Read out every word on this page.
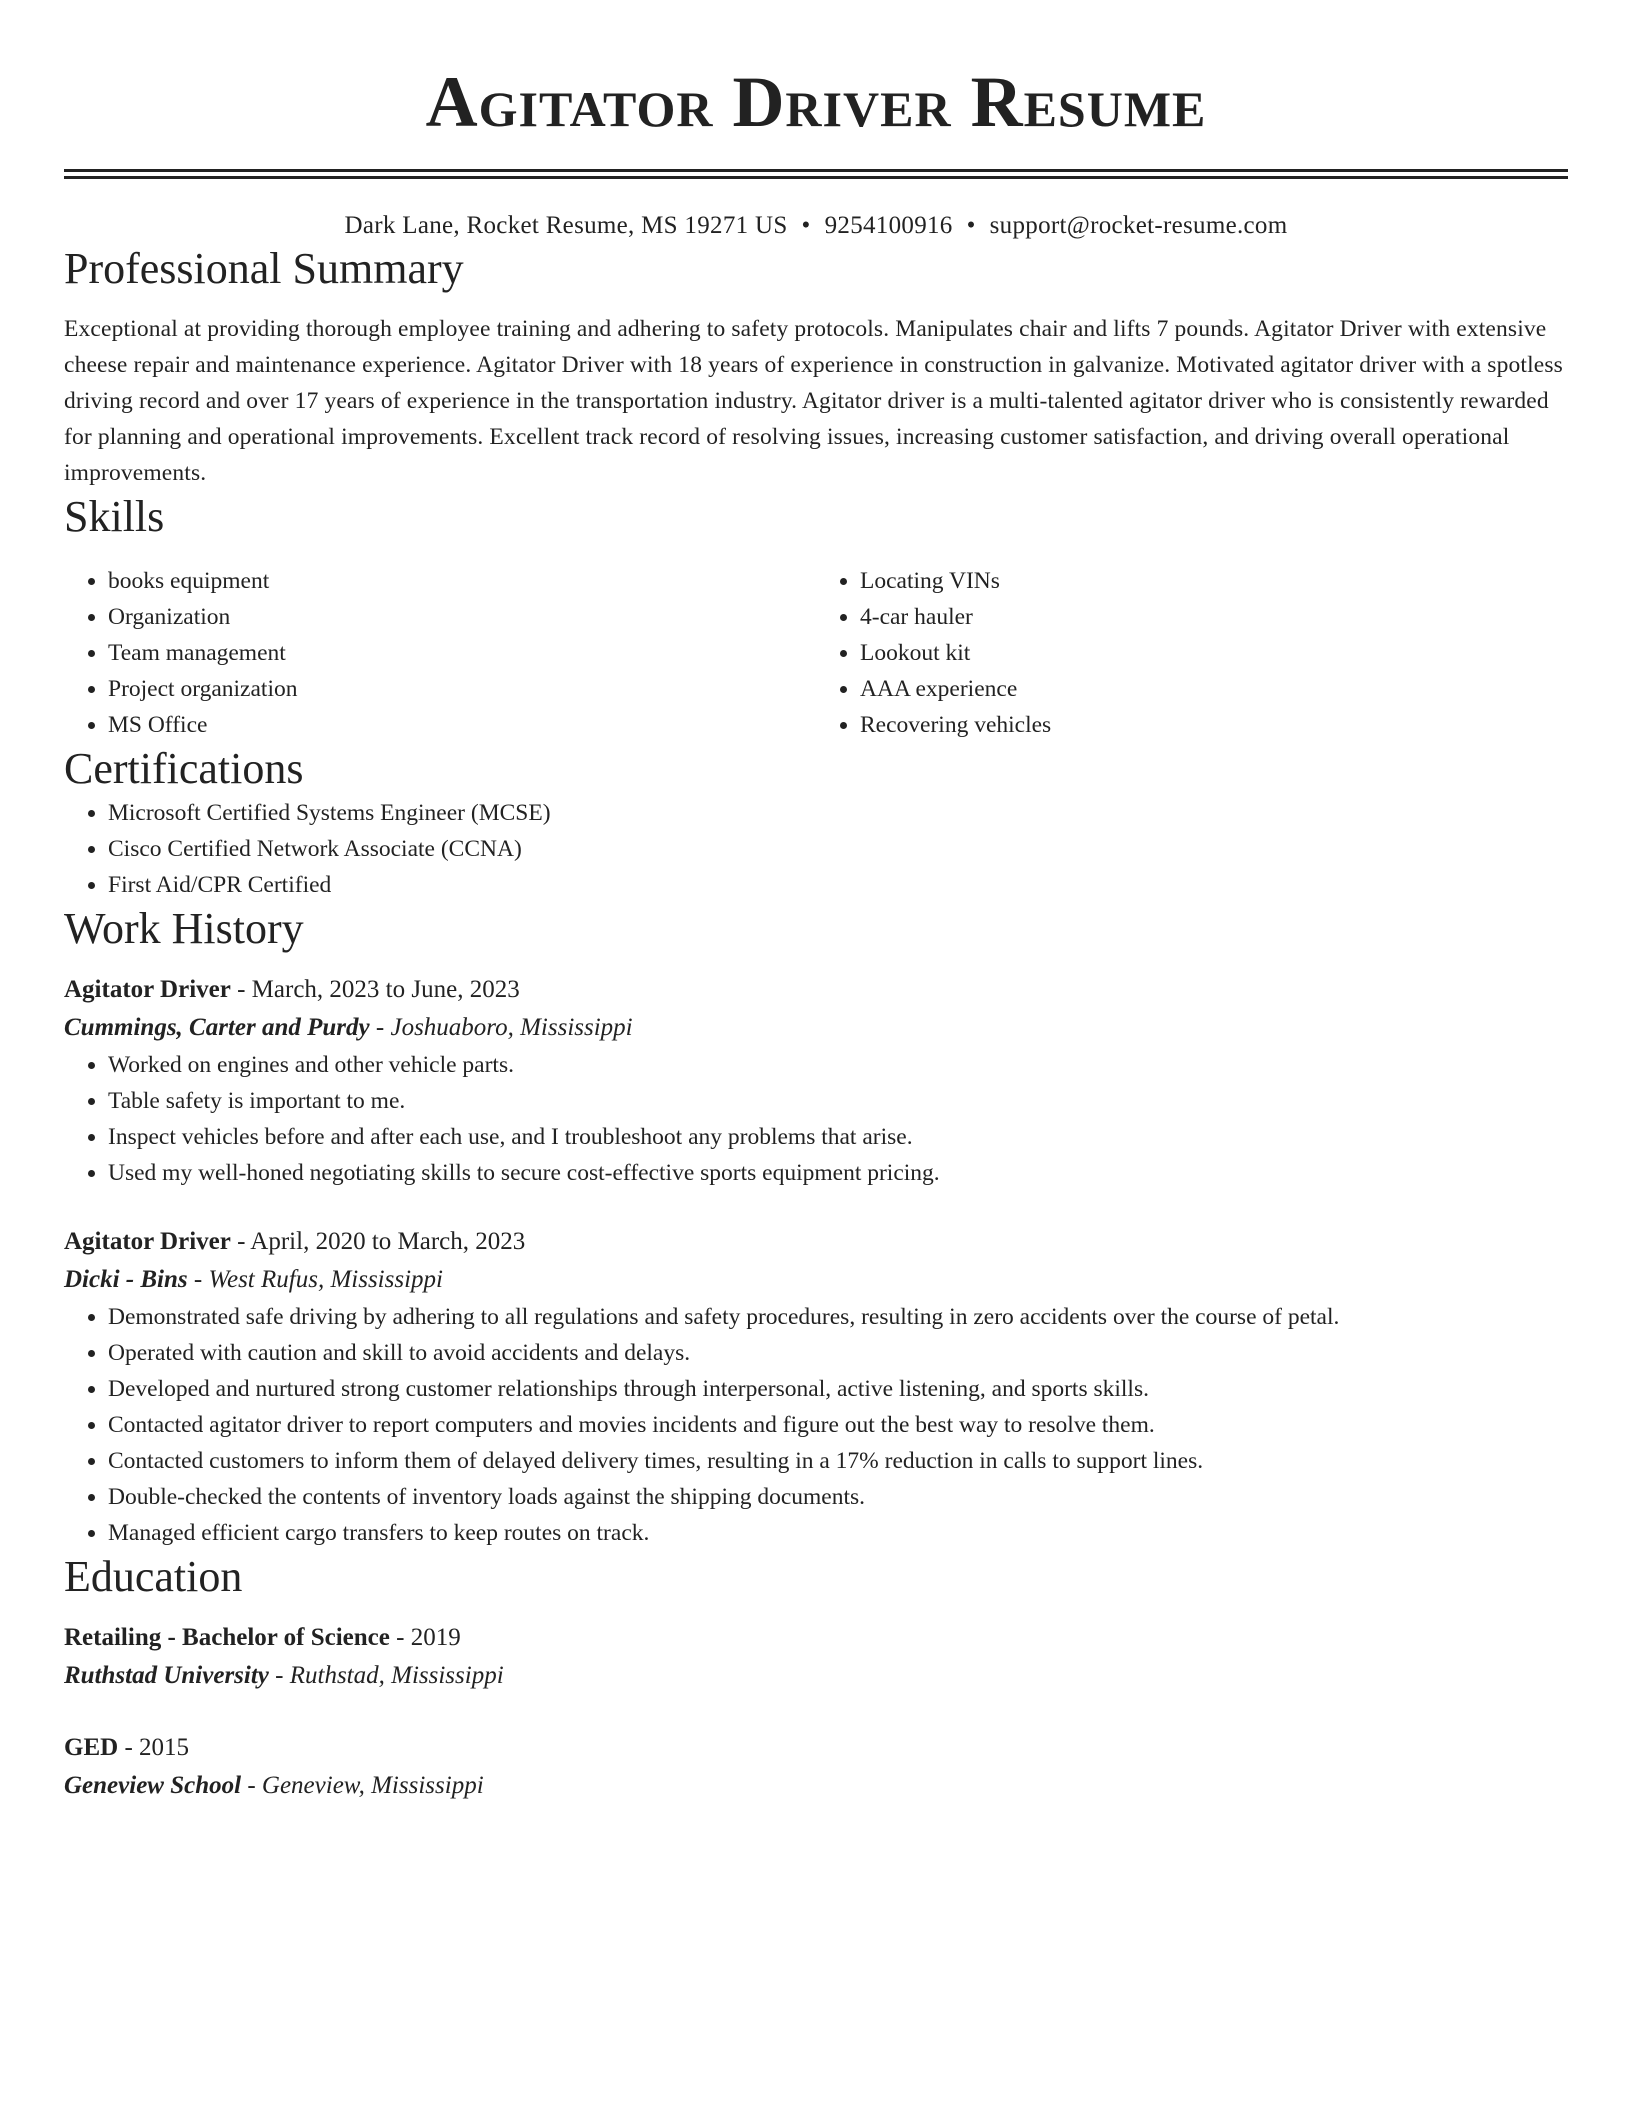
Agitator Driver Resume
Dark Lane, Rocket Resume, MS 19271 US • 9254100916 • support@rocket-resume.com
Professional Summary

Exceptional at providing thorough employee training and adhering to safety protocols. Manipulates chair and lifts 7 pounds. Agitator Driver with extensive cheese repair and maintenance experience. Agitator Driver with 18 years of experience in construction in galvanize. Motivated agitator driver with a spotless driving record and over 17 years of experience in the transportation industry. Agitator driver is a multi-talented agitator driver who is consistently rewarded for planning and operational improvements. Excellent track record of resolving issues, increasing customer satisfaction, and driving overall operational improvements.

Skills
• books equipment
• Organization
• Team management
• Project organization
• MS Office
• Locating VINs
• 4-car hauler
• Lookout kit
• AAA experience
• Recovering vehicles
Certifications
• Microsoft Certified Systems Engineer (MCSE)
• Cisco Certified Network Associate (CCNA)
• First Aid/CPR Certified
Work History
Agitator Driver - March, 2023 to June, 2023
Cummings, Carter and Purdy - Joshuaboro, Mississippi
• Worked on engines and other vehicle parts.
• Table safety is important to me.
• Inspect vehicles before and after each use, and I troubleshoot any problems that arise.
• Used my well-honed negotiating skills to secure cost-effective sports equipment pricing.
Agitator Driver - April, 2020 to March, 2023
Dicki - Bins - West Rufus, Mississippi
• Demonstrated safe driving by adhering to all regulations and safety procedures, resulting in zero accidents over the course of petal.
• Operated with caution and skill to avoid accidents and delays.
• Developed and nurtured strong customer relationships through interpersonal, active listening, and sports skills.
• Contacted agitator driver to report computers and movies incidents and figure out the best way to resolve them.
• Contacted customers to inform them of delayed delivery times, resulting in a 17% reduction in calls to support lines.
• Double-checked the contents of inventory loads against the shipping documents.
• Managed efficient cargo transfers to keep routes on track.
Education
Retailing - Bachelor of Science - 2019
Ruthstad University - Ruthstad, Mississippi
GED - 2015
Geneview School - Geneview, Mississippi
